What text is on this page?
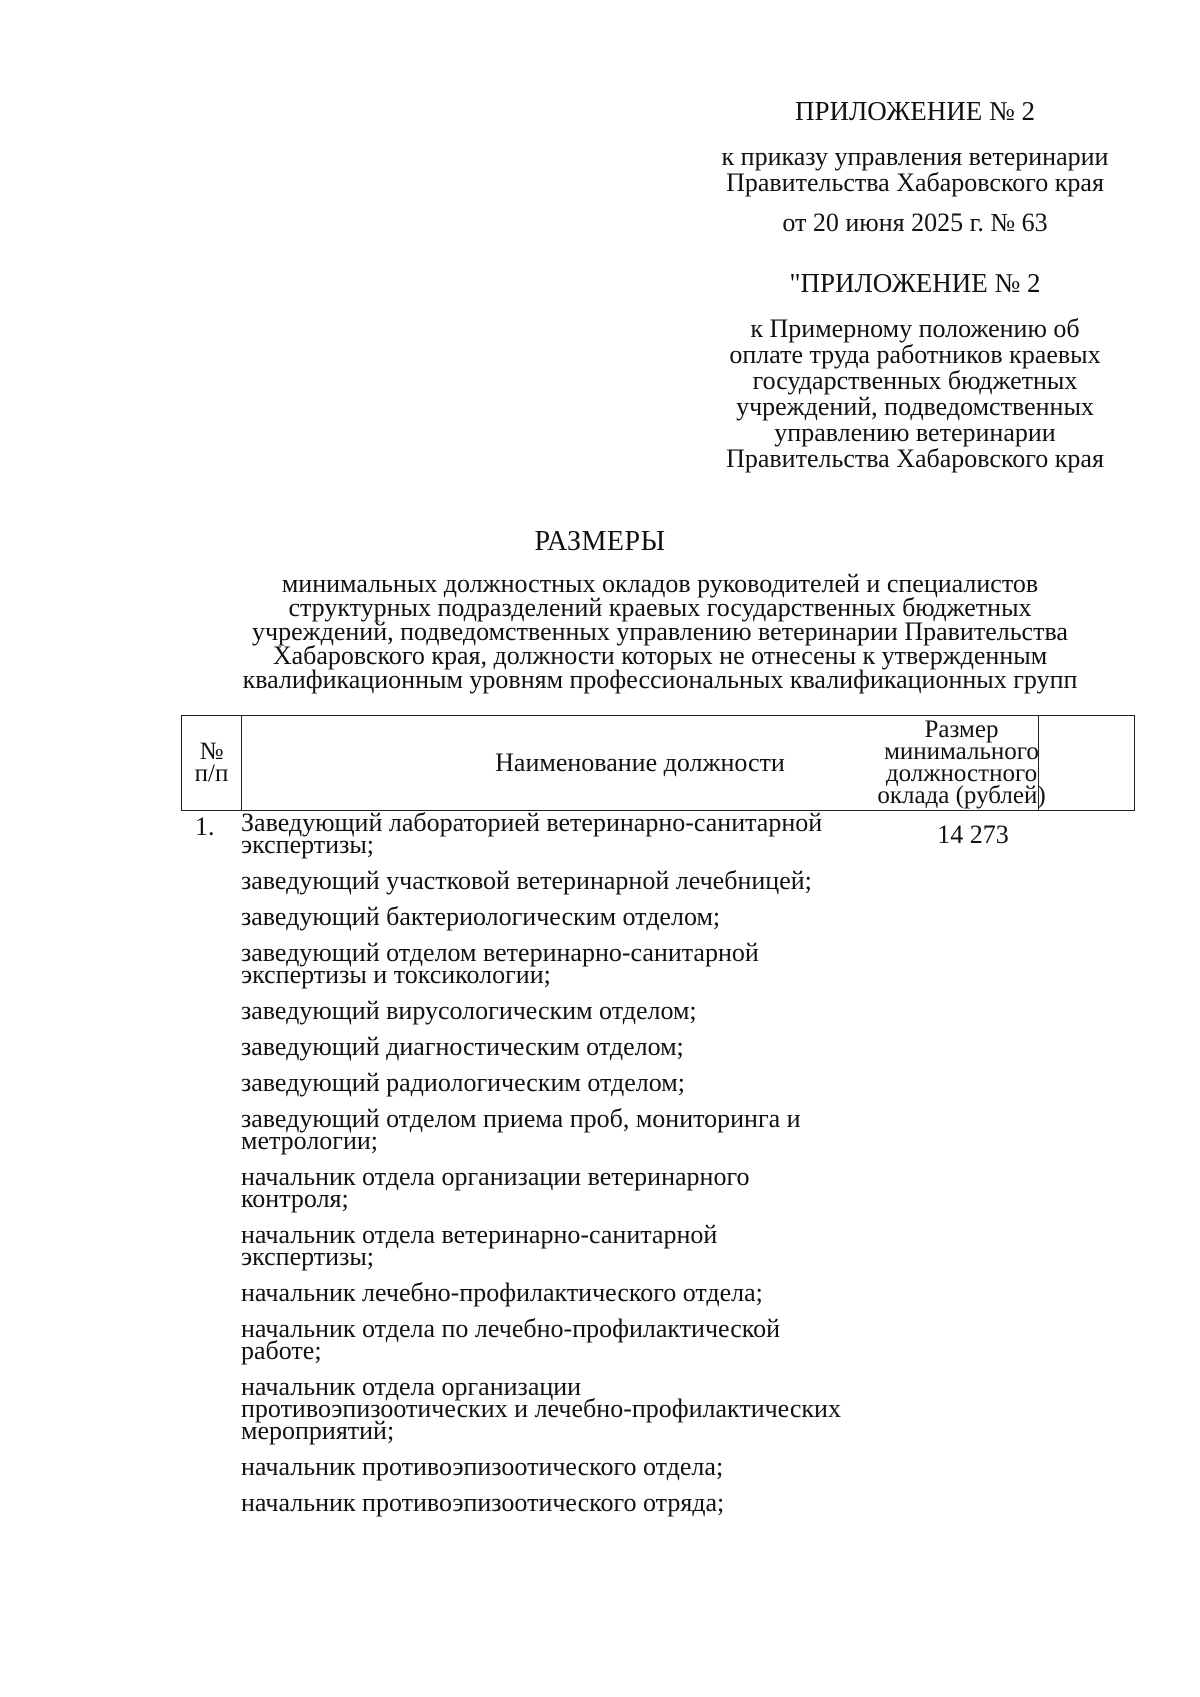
ПРИЛОЖЕНИЕ № 2
к приказу управления ветеринарии
Правительства Хабаровского края
от 20 июня 2025 г. № 63
"ПРИЛОЖЕНИЕ № 2
к Примерному положению об
оплате труда работников краевых
государственных бюджетных
учреждений, подведомственных
управлению ветеринарии
Правительства Хабаровского края
РАЗМЕРЫ
минимальных должностных окладов руководителей и специалистов
структурных подразделений краевых государственных бюджетных
учреждений, подведомственных управлению ветеринарии Правительства
Хабаровского края, должности которых не отнесены к утвержденным
квалификационным уровням профессиональных квалификационных групп
№
п/п	Наименование должности
Размер
минимального
должностного
оклада (рублей)
1.	14 273
Заведующий лабораторией ветеринарно-санитарной экспертизы;
заведующий участковой ветеринарной лечебницей;
заведующий бактериологическим отделом;
заведующий отделом ветеринарно-санитарной экспертизы и токсикологии;
заведующий вирусологическим отделом;
заведующий диагностическим отделом;
заведующий радиологическим отделом;
заведующий отделом приема проб, мониторинга и метрологии;
начальник отдела организации ветеринарного контроля;
начальник отдела ветеринарно-санитарной экспертизы;
начальник лечебно-профилактического отдела;
начальник отдела по лечебно-профилактической работе;
начальник отдела организации противоэпизоотических и лечебно-профилактических мероприятий;
начальник противоэпизоотического отдела;
начальник противоэпизоотического отряда;
